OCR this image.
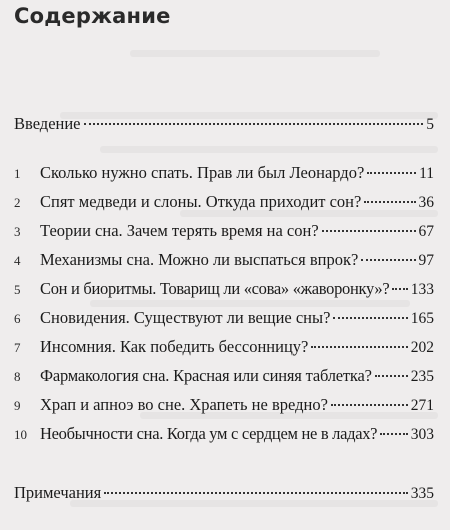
Содержание
Введение	5
1	Сколько нужно спать. Прав ли был Леонардо?	11
2	Спят медведи и слоны. Откуда приходит сон?	36
3	Теории сна. Зачем терять время на сон?	67
4	Механизмы сна. Можно ли выспаться впрок?	97
5	Сон и биоритмы. Товарищ ли «сова» «жаворонку»? 133
6	Сновидения. Существуют ли вещие сны?	165
7	Инсомния. Как победить бессонницу?	202
8	Фармакология сна. Красная или синяя таблетка?	235
9	Храп и апноэ во сне. Храпеть не вредно?	271
10 Необычности сна. Когда ум с сердцем не в ладах? 303
Примечания	335
